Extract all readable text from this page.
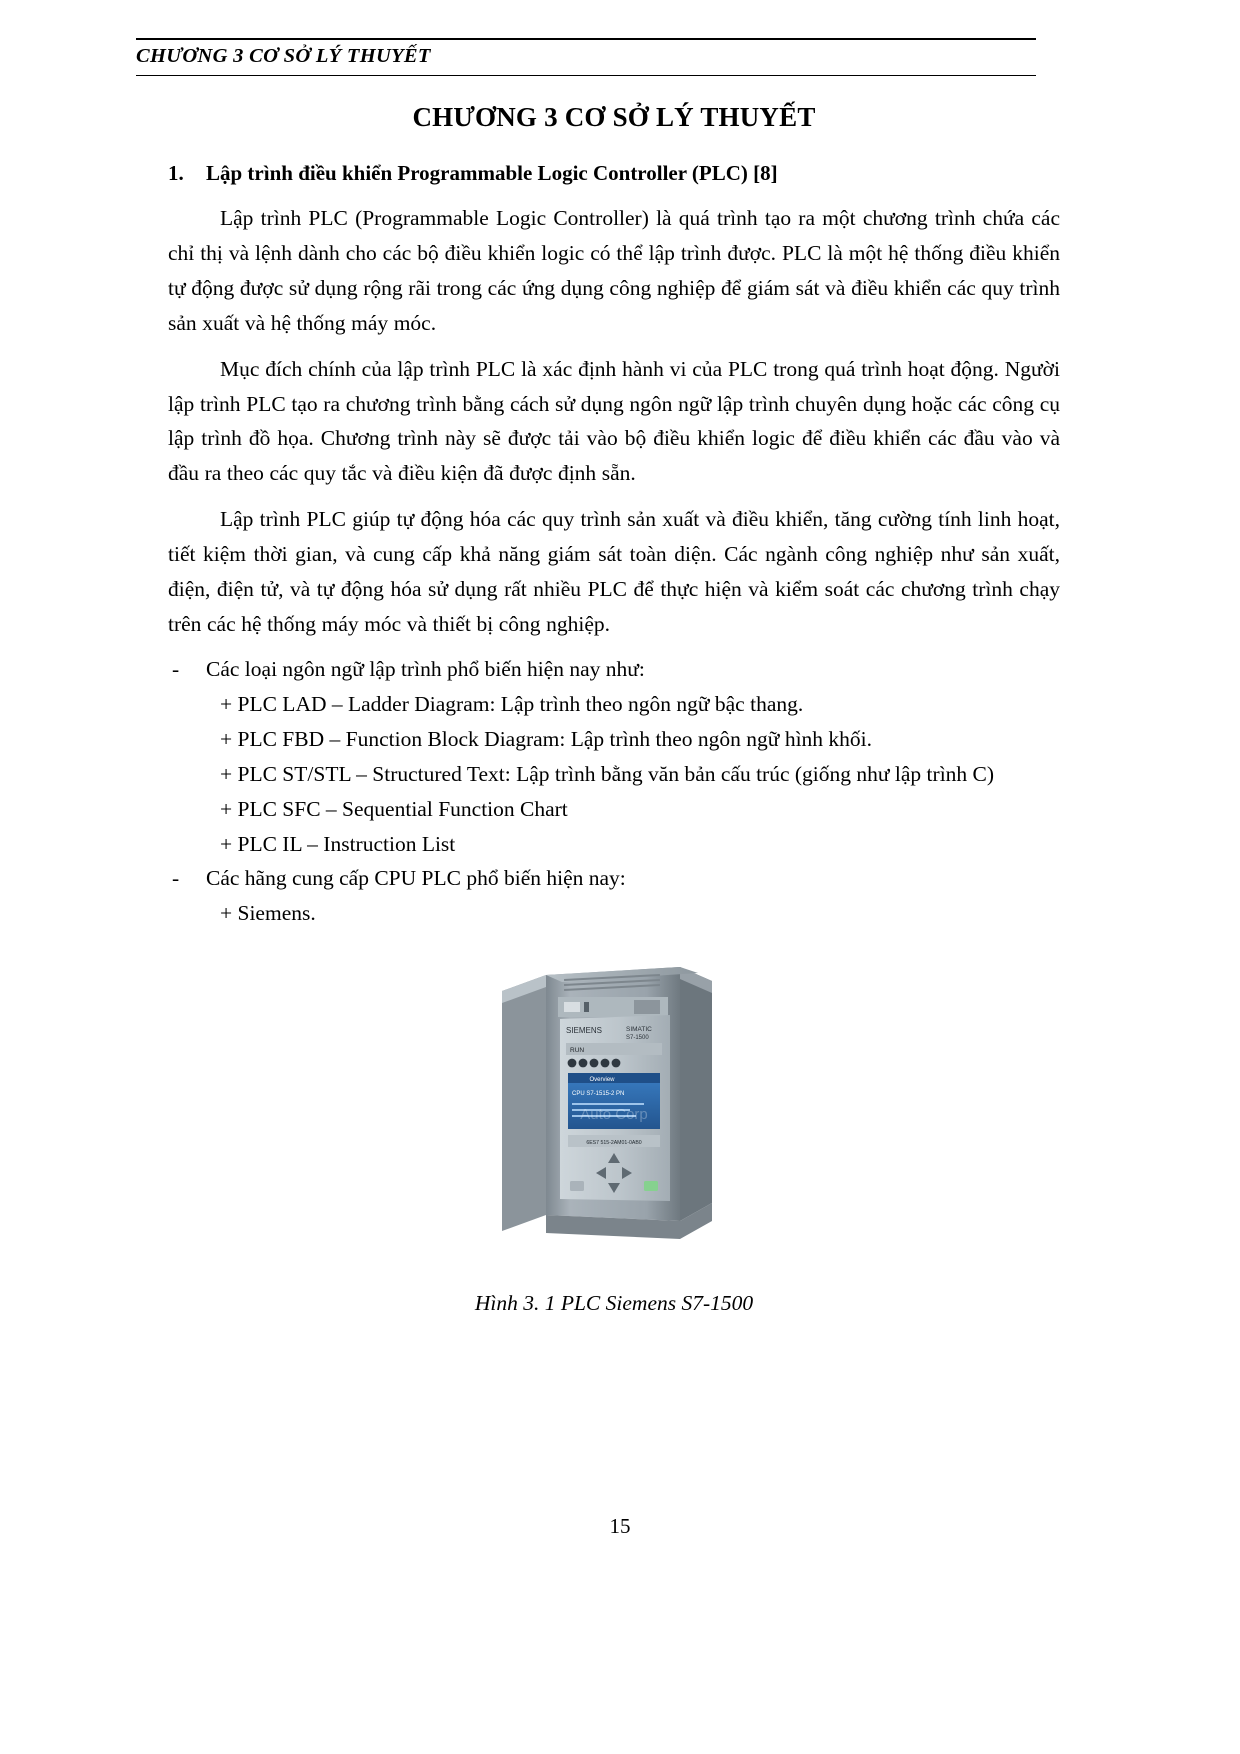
CHƯƠNG 3 CƠ SỞ LÝ THUYẾT
CHƯƠNG 3 CƠ SỞ LÝ THUYẾT
1.	Lập trình điều khiển Programmable Logic Controller (PLC) [8]

Lập trình PLC (Programmable Logic Controller) là quá trình tạo ra một chương trình chứa các chỉ thị và lệnh dành cho các bộ điều khiển logic có thể lập trình được. PLC là một hệ thống điều khiển tự động được sử dụng rộng rãi trong các ứng dụng công nghiệp để giám sát và điều khiển các quy trình sản xuất và hệ thống máy móc.

Mục đích chính của lập trình PLC là xác định hành vi của PLC trong quá trình hoạt động. Người lập trình PLC tạo ra chương trình bằng cách sử dụng ngôn ngữ lập trình chuyên dụng hoặc các công cụ lập trình đồ họa. Chương trình này sẽ được tải vào bộ điều khiển logic để điều khiển các đầu vào và đầu ra theo các quy tắc và điều kiện đã được định sẵn.

Lập trình PLC giúp tự động hóa các quy trình sản xuất và điều khiển, tăng cường tính linh hoạt, tiết kiệm thời gian, và cung cấp khả năng giám sát toàn diện. Các ngành công nghiệp như sản xuất, điện, điện tử, và tự động hóa sử dụng rất nhiều PLC để thực hiện và kiểm soát các chương trình chạy trên các hệ thống máy móc và thiết bị công nghiệp.

-	Các loại ngôn ngữ lập trình phổ biến hiện nay như:

+ PLC LAD – Ladder Diagram: Lập trình theo ngôn ngữ bậc thang.

+ PLC FBD – Function Block Diagram: Lập trình theo ngôn ngữ hình khối.

+ PLC ST/STL – Structured Text: Lập trình bằng văn bản cấu trúc (giống như lập trình C)

+ PLC SFC – Sequential Function Chart

+ PLC IL – Instruction List

-	Các hãng cung cấp CPU PLC phổ biến hiện nay:

+ Siemens.

SIEMENS	SIMATIC
S7-1500
RUN
Overview
CPU S7-1515-2 PN
6ES7 515-2AM01-0AB0
Auto Corp
Hình 3. 1 PLC Siemens S7-1500
15
